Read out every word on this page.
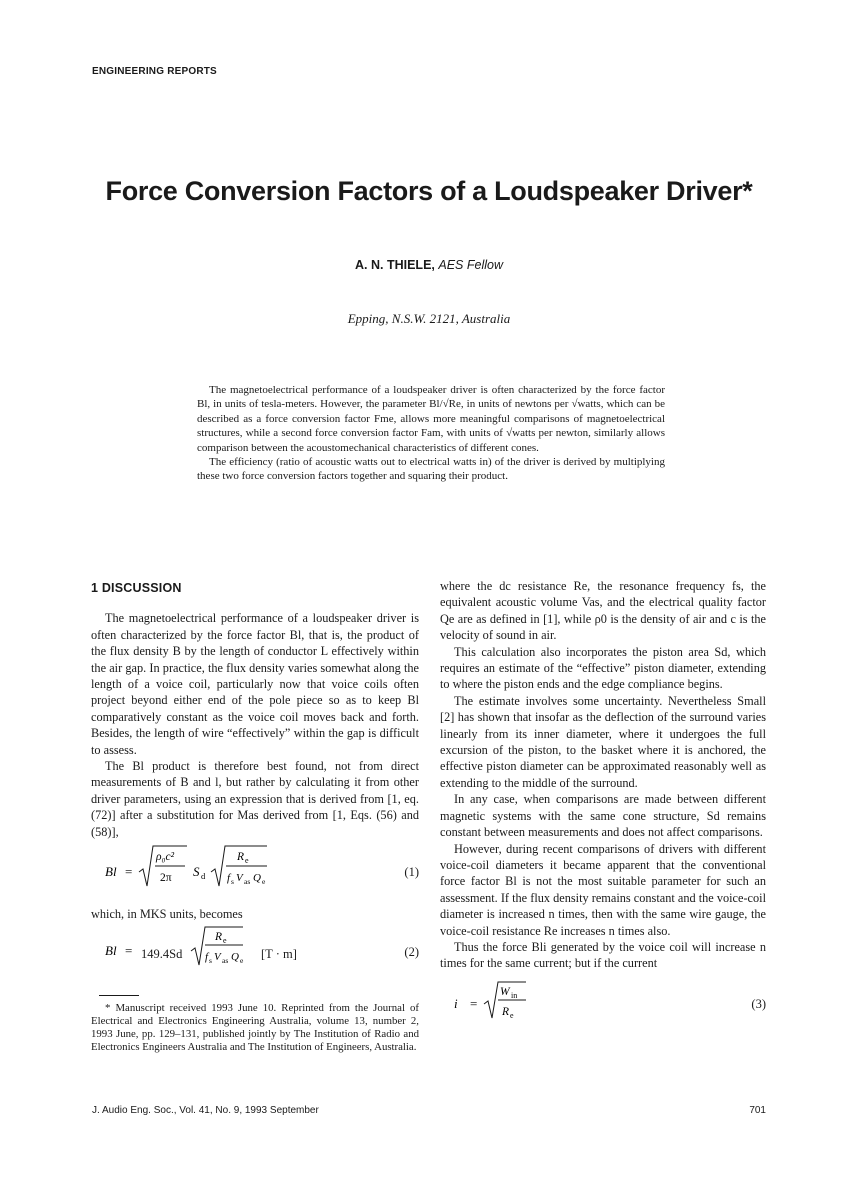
ENGINEERING REPORTS
Force Conversion Factors of a Loudspeaker Driver*
A. N. THIELE, AES Fellow
Epping, N.S.W. 2121, Australia

The magnetoelectrical performance of a loudspeaker driver is often characterized by the force factor Bl, in units of tesla-meters. However, the parameter Bl/√Re, in units of newtons per √watts, which can be described as a force conversion factor Fme, allows more meaningful comparisons of magnetoelectrical structures, while a second force conversion factor Fam, with units of √watts per newton, similarly allows comparison between the acoustomechanical characteristics of different cones.

The efficiency (ratio of acoustic watts out to electrical watts in) of the driver is derived by multiplying these two force conversion factors together and squaring their product.

1 DISCUSSION

The magnetoelectrical performance of a loudspeaker driver is often characterized by the force factor Bl, that is, the product of the flux density B by the length of conductor L effectively within the air gap. In practice, the flux density varies somewhat along the length of a voice coil, particularly now that voice coils often project beyond either end of the pole piece so as to keep Bl comparatively constant as the voice coil moves back and forth. Besides, the length of wire “effectively” within the gap is difficult to assess.

The Bl product is therefore best found, not from direct measurements of B and l, but rather by calculating it from other driver parameters, using an expression that is derived from [1, eq. (72)] after a substitution for Mas derived from [1, Eqs. (56) and (58)],

Bl =
ρ₀c²
2π S d
R e
f s V as Q e
(1)

which, in MKS units, becomes

Bl =
R e
f s V as Q e
149.4Sd	[T · m]	(2)

* Manuscript received 1993 June 10. Reprinted from the Journal of Electrical and Electronics Engineering Australia, volume 13, number 2, 1993 June, pp. 129–131, published jointly by The Institution of Radio and Electronics Engineers Australia and The Institution of Engineers, Australia.

where the dc resistance Re, the resonance frequency fs, the equivalent acoustic volume Vas, and the electrical quality factor Qe are as defined in [1], while ρ0 is the density of air and c is the velocity of sound in air.

This calculation also incorporates the piston area Sd, which requires an estimate of the “effective” piston diameter, extending to where the piston ends and the edge compliance begins.

The estimate involves some uncertainty. Nevertheless Small [2] has shown that insofar as the deflection of the surround varies linearly from its inner diameter, where it undergoes the full excursion of the piston, to the basket where it is anchored, the effective piston diameter can be approximated reasonably well as extending to the middle of the surround.

In any case, when comparisons are made between different magnetic systems with the same cone structure, Sd remains constant between measurements and does not affect comparisons.

However, during recent comparisons of drivers with different voice-coil diameters it became apparent that the conventional force factor Bl is not the most suitable parameter for such an assessment. If the flux density remains constant and the voice-coil diameter is increased n times, then with the same wire gauge, the voice-coil resistance Re increases n times also.

Thus the force Bli generated by the voice coil will increase n times for the same current; but if the current

i =
W in
R e
(3)
J. Audio Eng. Soc., Vol. 41, No. 9, 1993 September	701
